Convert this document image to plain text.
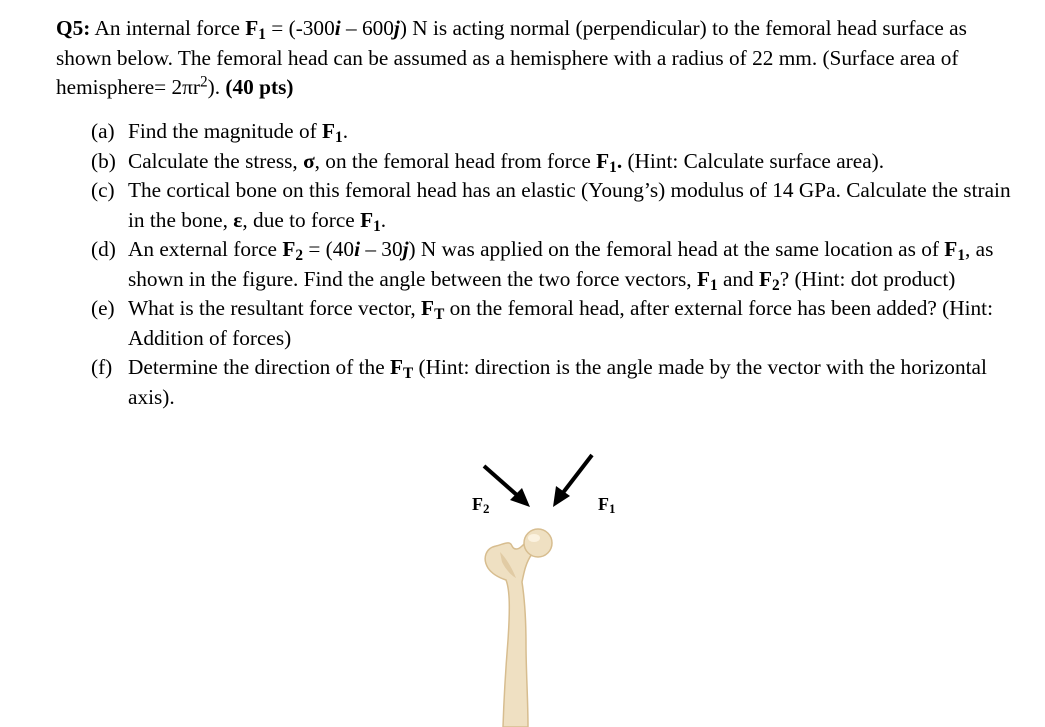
Q5: An internal force $F_1 = (-300i - 600j)$ N is acting normal (perpendicular) to the femoral head surface as shown below. The femoral head can be assumed as a hemisphere with a radius of 22 mm. (Surface area of hemisphere= $2\pi r^2$). (40 pts)

(a) Find the magnitude of $F_1$.
(b) Calculate the stress, σ, on the femoral head from force $F_1$. (Hint: Calculate surface area).
(c) The cortical bone on this femoral head has an elastic (Young’s) modulus of 14 GPa. Calculate the strain in the bone, ε, due to force $F_1$.
(d) An external force $F_2 = (40i - 30j)$ N was applied on the femoral head at the same location as of $F_1$, as shown in the figure. Find the angle between the two force vectors, $F_1$ and $F_2$? (Hint: dot product)
(e) What is the resultant force vector, $F_T$ on the femoral head, after external force has been added? (Hint: Addition of forces)
(f) Determine the direction of the $F_T$ (Hint: direction is the angle made by the vector with the horizontal axis).
$F_2$	$F_1$
